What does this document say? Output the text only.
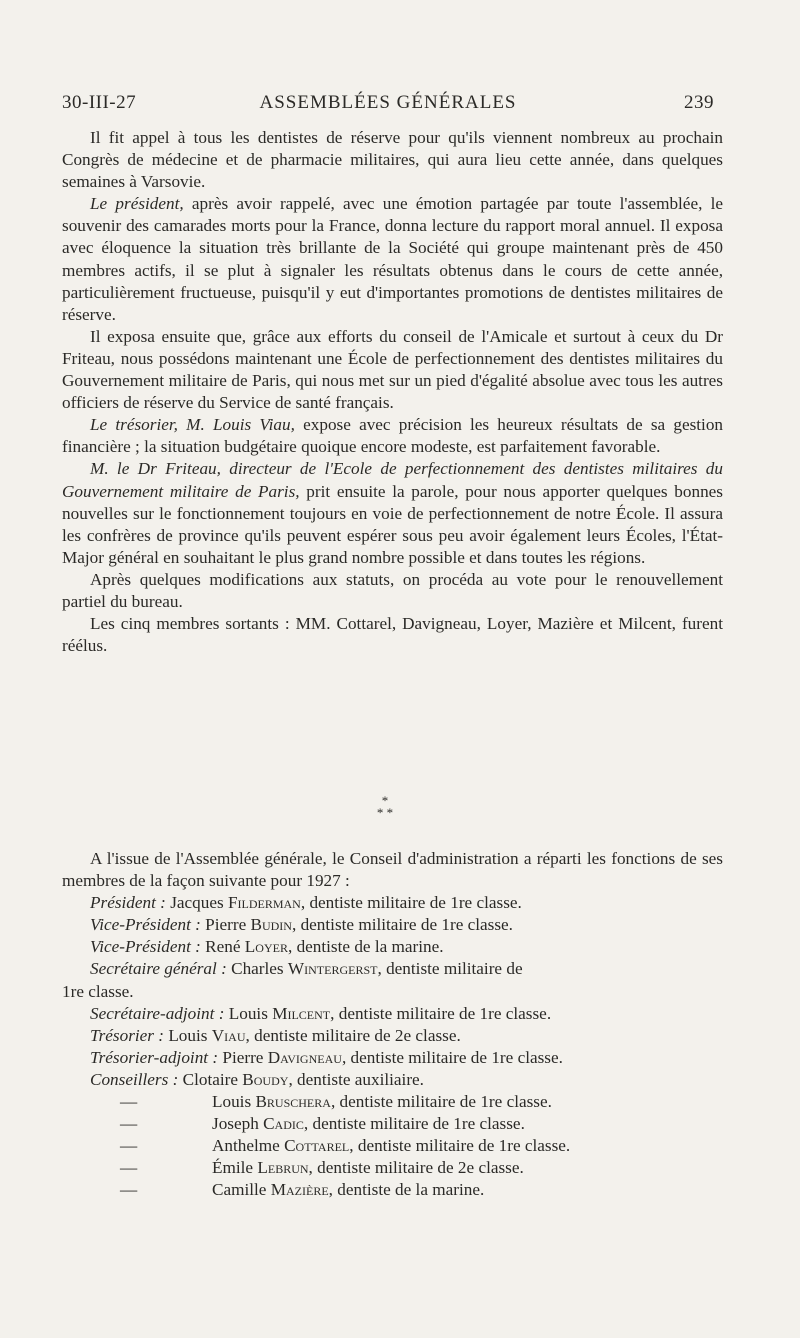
30-III-27	ASSEMBLÉES GÉNÉRALES	239

Il fit appel à tous les dentistes de réserve pour qu'ils viennent nombreux au prochain Congrès de médecine et de pharmacie militaires, qui aura lieu cette année, dans quelques semaines à Varsovie.

Le président, après avoir rappelé, avec une émotion partagée par toute l'assemblée, le souvenir des camarades morts pour la France, donna lecture du rapport moral annuel. Il exposa avec éloquence la situation très brillante de la Société qui groupe maintenant près de 450 membres actifs, il se plut à signaler les résultats obtenus dans le cours de cette année, particulièrement fructueuse, puisqu'il y eut d'importantes promotions de dentistes militaires de réserve.

Il exposa ensuite que, grâce aux efforts du conseil de l'Amicale et surtout à ceux du Dr Friteau, nous possédons maintenant une École de perfectionnement des dentistes militaires du Gouvernement militaire de Paris, qui nous met sur un pied d'égalité absolue avec tous les autres officiers de réserve du Service de santé français.

Le trésorier, M. Louis Viau, expose avec précision les heureux résultats de sa gestion financière ; la situation budgétaire quoique encore modeste, est parfaitement favorable.

M. le Dr Friteau, directeur de l'Ecole de perfectionnement des dentistes militaires du Gouvernement militaire de Paris, prit ensuite la parole, pour nous apporter quelques bonnes nouvelles sur le fonctionnement toujours en voie de perfectionnement de notre École. Il assura les confrères de province qu'ils peuvent espérer sous peu avoir également leurs Écoles, l'État-Major général en souhaitant le plus grand nombre possible et dans toutes les régions.

Après quelques modifications aux statuts, on procéda au vote pour le renouvellement partiel du bureau.

Les cinq membres sortants : MM. Cottarel, Davigneau, Loyer, Mazière et Milcent, furent réélus.

*
* *

A l'issue de l'Assemblée générale, le Conseil d'administration a réparti les fonctions de ses membres de la façon suivante pour 1927 :

Président : Jacques Filderman, dentiste militaire de 1re classe.

Vice-Président : Pierre Budin, dentiste militaire de 1re classe.

Vice-Président : René Loyer, dentiste de la marine.

Secrétaire général : Charles Wintergerst, dentiste militaire de

1re classe.

Secrétaire-adjoint : Louis Milcent, dentiste militaire de 1re classe.

Trésorier : Louis Viau, dentiste militaire de 2e classe.

Trésorier-adjoint : Pierre Davigneau, dentiste militaire de 1re classe.

Conseillers : Clotaire Boudy, dentiste auxiliaire.

—	Louis Bruschera, dentiste militaire de 1re classe.

—	Joseph Cadic, dentiste militaire de 1re classe.

—	Anthelme Cottarel, dentiste militaire de 1re classe.

—	Émile Lebrun, dentiste militaire de 2e classe.

—	Camille Mazière, dentiste de la marine.
